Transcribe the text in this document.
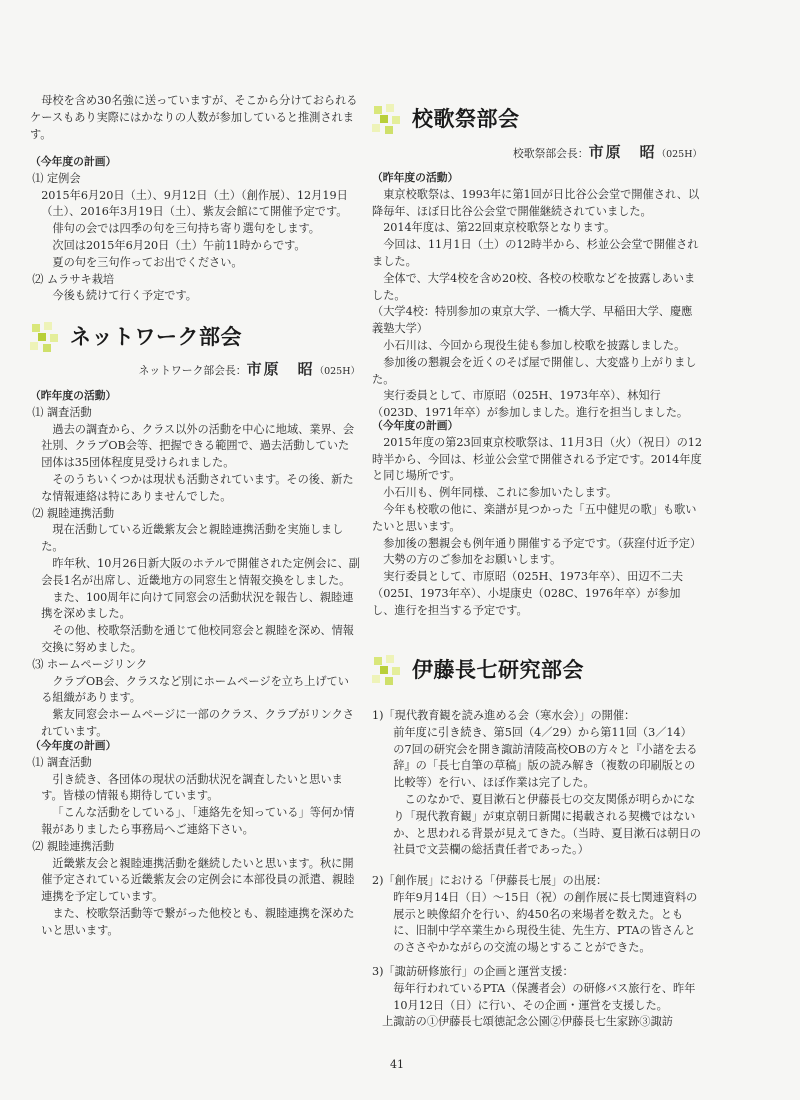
母校を含め30名強に送っていますが、そこから分けておられるケースもあり実際にはかなりの人数が参加していると推測されます。

（今年度の計画）

⑴ 定例会

2015年6月20日（土）、9月12日（土）（創作展）、12月19日（土）、2016年3月19日（土）、紫友会館にて開催予定です。

俳句の会では四季の句を三句持ち寄り選句をします。

次回は2015年6月20日（土）午前11時からです。

夏の句を三句作ってお出でください。

⑵ ムラサキ栽培

今後も続けて行く予定です。

ネットワーク部会
ネットワーク部会長：市原　昭（025H）

（昨年度の活動）

⑴ 調査活動

過去の調査から、クラス以外の活動を中心に地域、業界、会社別、クラブOB会等、把握できる範囲で、過去活動していた団体は35団体程度見受けられました。

そのうちいくつかは現状も活動されています。その後、新たな情報連絡は特にありませんでした。

⑵ 親睦連携活動

現在活動している近畿紫友会と親睦連携活動を実施しました。

昨年秋、10月26日新大阪のホテルで開催された定例会に、副会長1名が出席し、近畿地方の同窓生と情報交換をしました。

また、100周年に向けて同窓会の活動状況を報告し、親睦連携を深めました。

その他、校歌祭活動を通じて他校同窓会と親睦を深め、情報交換に努めました。

⑶ ホームページリンク

クラブOB会、クラスなど別にホームページを立ち上げている組織があります。

紫友同窓会ホームページに一部のクラス、クラブがリンクされています。

（今年度の計画）

⑴ 調査活動

引き続き、各団体の現状の活動状況を調査したいと思います。皆様の情報も期待しています。

「こんな活動をしている」、「連絡先を知っている」等何か情報がありましたら事務局へご連絡下さい。

⑵ 親睦連携活動

近畿紫友会と親睦連携活動を継続したいと思います。秋に開催予定されている近畿紫友会の定例会に本部役員の派遣、親睦連携を予定しています。

また、校歌祭活動等で繋がった他校とも、親睦連携を深めたいと思います。

校歌祭部会
校歌祭部会長：市原　昭（025H）

（昨年度の活動）

東京校歌祭は、1993年に第1回が日比谷公会堂で開催され、以降毎年、ほぼ日比谷公会堂で開催継続されていました。

2014年度は、第22回東京校歌祭となります。

今回は、11月1日（土）の12時半から、杉並公会堂で開催されました。

全体で、大学4校を含め20校、各校の校歌などを披露しあいました。

（大学4校：特別参加の東京大学、一橋大学、早稲田大学、慶應義塾大学）

小石川は、今回から現役生徒も参加し校歌を披露しました。

参加後の懇親会を近くのそば屋で開催し、大変盛り上がりました。

実行委員として、市原昭（025H、1973年卒）、林知行（023D、1971年卒）が参加しました。進行を担当しました。

（今年度の計画）

2015年度の第23回東京校歌祭は、11月3日（火）（祝日）の12時半から、今回は、杉並公会堂で開催される予定です。2014年度と同じ場所です。

小石川も、例年同様、これに参加いたします。

今年も校歌の他に、楽譜が見つかった「五中健児の歌」も歌いたいと思います。

参加後の懇親会も例年通り開催する予定です。（荻窪付近予定）

大勢の方のご参加をお願いします。

実行委員として、市原昭（025H、1973年卒）、田辺不二夫（025I、1973年卒）、小堤康史（028C、1976年卒）が参加し、進行を担当する予定です。

伊藤長七研究部会

1)「現代教育観を読み進める会（寒水会）」の開催：

前年度に引き続き、第5回（4／29）から第11回（3／14）の7回の研究会を開き諏訪清陵高校OBの方々と『小諸を去る辞』の「長七自筆の草稿」版の読み解き（複数の印刷版との比較等）を行い、ほぼ作業は完了した。

このなかで、夏目漱石と伊藤長七の交友関係が明らかになり「現代教育観」が東京朝日新聞に掲載される契機ではないか、と思われる背景が見えてきた。（当時、夏目漱石は朝日の社員で文芸欄の総括責任者であった。）

2)「創作展」における「伊藤長七展」の出展：

昨年9月14日（日）～15日（祝）の創作展に長七関連資料の展示と映像紹介を行い、約450名の来場者を数えた。ともに、旧制中学卒業生から現役生徒、先生方、PTAの皆さんとのささやかながらの交流の場とすることができた。

3)「諏訪研修旅行」の企画と運営支援：

毎年行われているPTA（保護者会）の研修バス旅行を、昨年10月12日（日）に行い、その企画・運営を支援した。

上諏訪の①伊藤長七頌徳記念公園②伊藤長七生家跡③諏訪

41
